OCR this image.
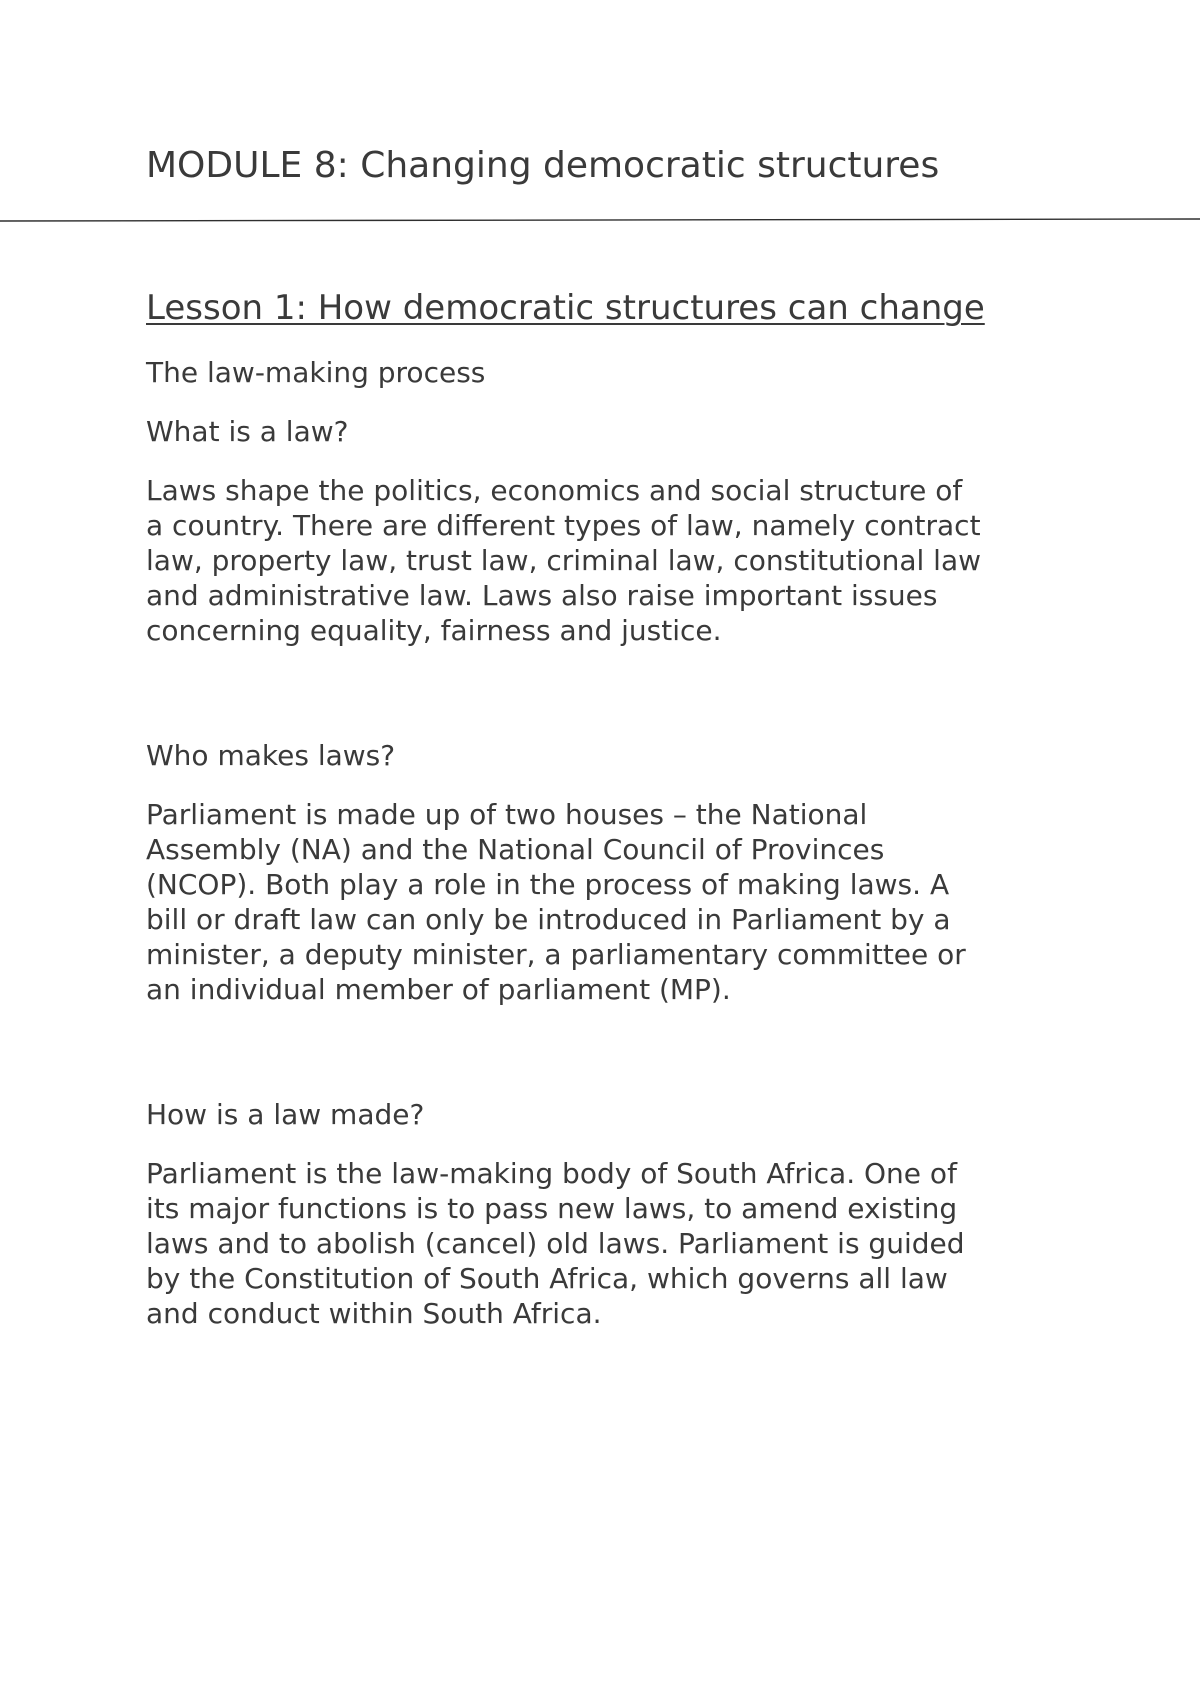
MODULE 8: Changing democratic structures
Lesson 1: How democratic structures can change

The law-making process

What is a law?

Laws shape the politics, economics and social structure of
a country. There are different types of law, namely contract
law, property law, trust law, criminal law, constitutional law
and administrative law. Laws also raise important issues
concerning equality, fairness and justice.

Who makes laws?

Parliament is made up of two houses – the National
Assembly (NA) and the National Council of Provinces
(NCOP). Both play a role in the process of making laws. A
bill or draft law can only be introduced in Parliament by a
minister, a deputy minister, a parliamentary committee or
an individual member of parliament (MP).

How is a law made?

Parliament is the law-making body of South Africa. One of
its major functions is to pass new laws, to amend existing
laws and to abolish (cancel) old laws. Parliament is guided
by the Constitution of South Africa, which governs all law
and conduct within South Africa.
